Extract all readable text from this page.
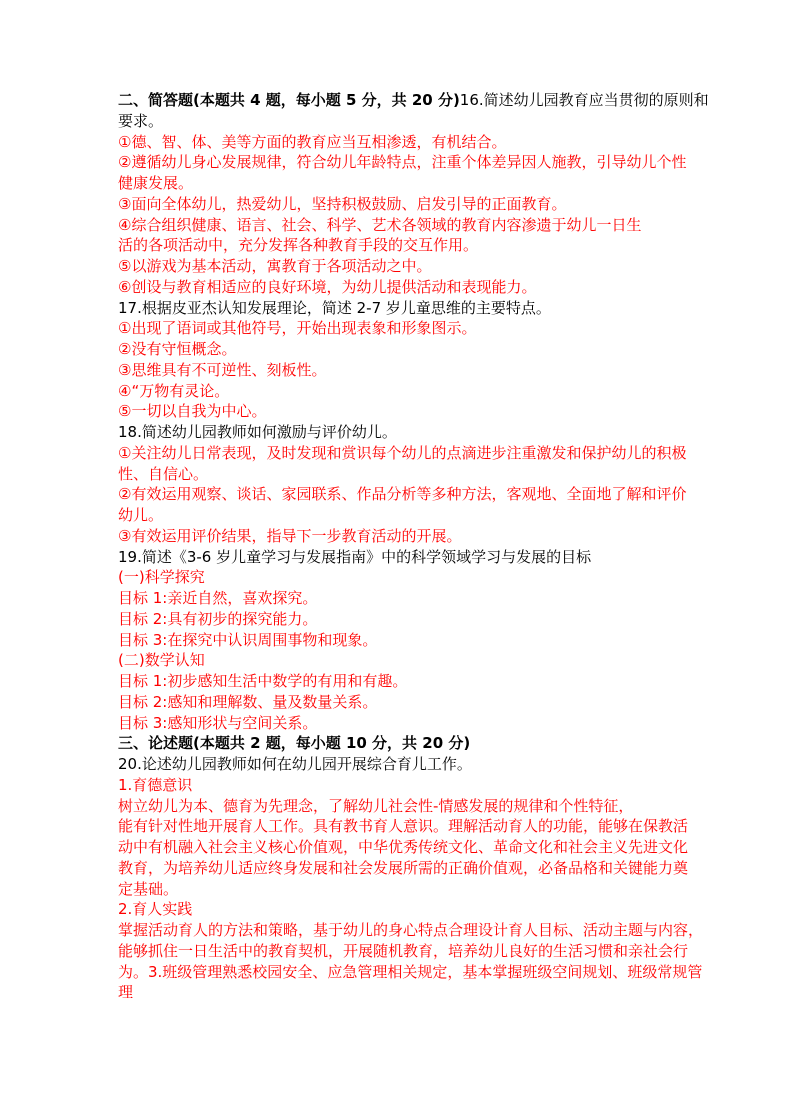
二、简答题(本题共 4 题，每小题 5 分，共 20 分)16.简述幼儿园教育应当贯彻的原则和
要求。
①德、智、体、美等方面的教育应当互相渗透，有机结合。
②遵循幼儿身心发展规律，符合幼儿年龄特点，注重个体差异因人施教，引导幼儿个性
健康发展。
③面向全体幼儿，热爱幼儿，坚持积极鼓励、启发引导的正面教育。
④综合组织健康、语言、社会、科学、艺术各领域的教育内容渗遗于幼儿一日生
活的各项活动中，充分发挥各种教育手段的交互作用。
⑤以游戏为基本活动，寓教育于各项活动之中。
⑥创设与教育相适应的良好环境，为幼儿提供活动和表现能力。
17.根据皮亚杰认知发展理论，简述 2-7 岁儿童思维的主要特点。
①出现了语词或其他符号，开始出现表象和形象图示。
②没有守恒概念。
③思维具有不可逆性、刻板性。
④“万物有灵论。
⑤一切以自我为中心。
18.简述幼儿园教师如何激励与评价幼儿。
①关注幼儿日常表现，及时发现和赏识每个幼儿的点滴进步注重激发和保护幼儿的积极
性、自信心。
②有效运用观察、谈话、家园联系、作品分析等多种方法，客观地、全面地了解和评价
幼儿。
③有效运用评价结果，指导下一步教育活动的开展。
19.简述《3-6 岁儿童学习与发展指南》中的科学领域学习与发展的目标
(一)科学探究
目标 1:亲近自然，喜欢探究。
目标 2:具有初步的探究能力。
目标 3:在探究中认识周围事物和现象。
(二)数学认知
目标 1:初步感知生活中数学的有用和有趣。
目标 2:感知和理解数、量及数量关系。
目标 3:感知形状与空间关系。
三、论述题(本题共 2 题，每小题 10 分，共 20 分)
20.论述幼儿园教师如何在幼儿园开展综合育儿工作。
1.育德意识
树立幼儿为本、德育为先理念，了解幼儿社会性-情感发展的规律和个性特征，
能有针对性地开展育人工作。具有教书育人意识。理解活动育人的功能，能够在保教活
动中有机融入社会主义核心价值观，中华优秀传统文化、革命文化和社会主义先进文化
教育，为培养幼儿适应终身发展和社会发展所需的正确价值观，必备品格和关键能力奠
定基础。
2.育人实践
掌握活动育人的方法和策略，基于幼儿的身心特点合理设计育人目标、活动主题与内容，
能够抓住一日生活中的教育契机，开展随机教育，培养幼儿良好的生活习惯和亲社会行
为。3.班级管理熟悉校园安全、应急管理相关规定，基本掌握班级空间规划、班级常规管
理
